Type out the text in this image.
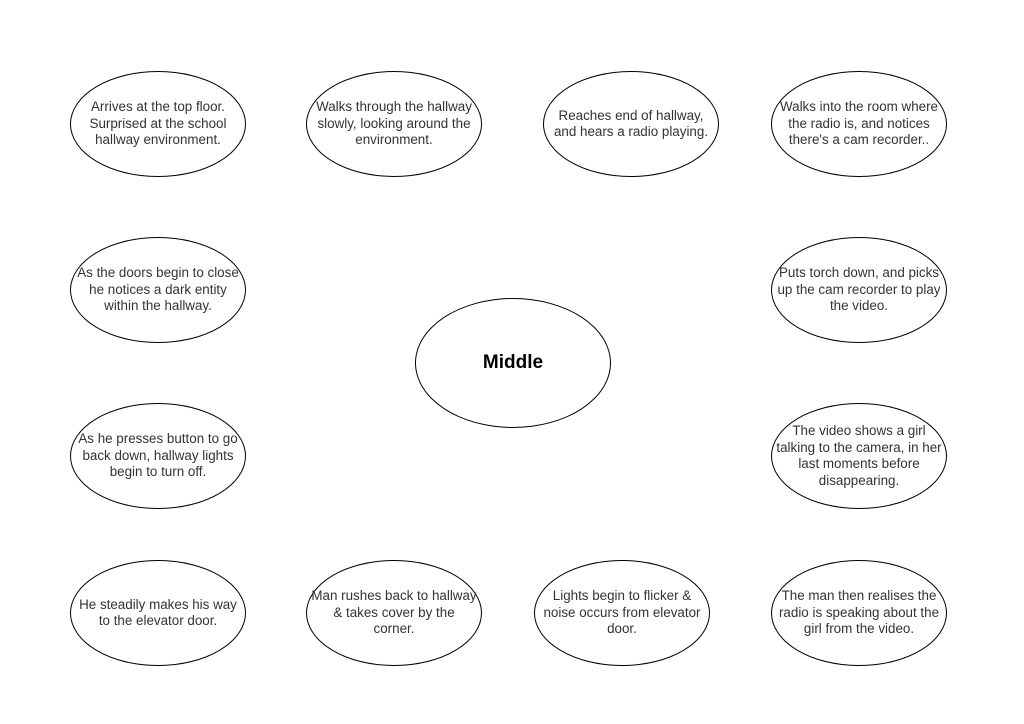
Middle
Arrives at the top floor.
Surprised at the school
hallway environment.
Walks through the hallway
slowly, looking around the
environment.
Reaches end of hallway,
and hears a radio playing.
Walks into the room where
the radio is, and notices
there's a cam recorder..
As the doors begin to close
he notices a dark entity
within the hallway.
Puts torch down, and picks
up the cam recorder to play
the video.
As he presses button to go
back down, hallway lights
begin to turn off.
The video shows a girl
talking to the camera, in her
last moments before
disappearing.
He steadily makes his way
to the elevator door.
Man rushes back to hallway
& takes cover by the
corner.
Lights begin to flicker &
noise occurs from elevator
door.
The man then realises the
radio is speaking about the
girl from the video.
